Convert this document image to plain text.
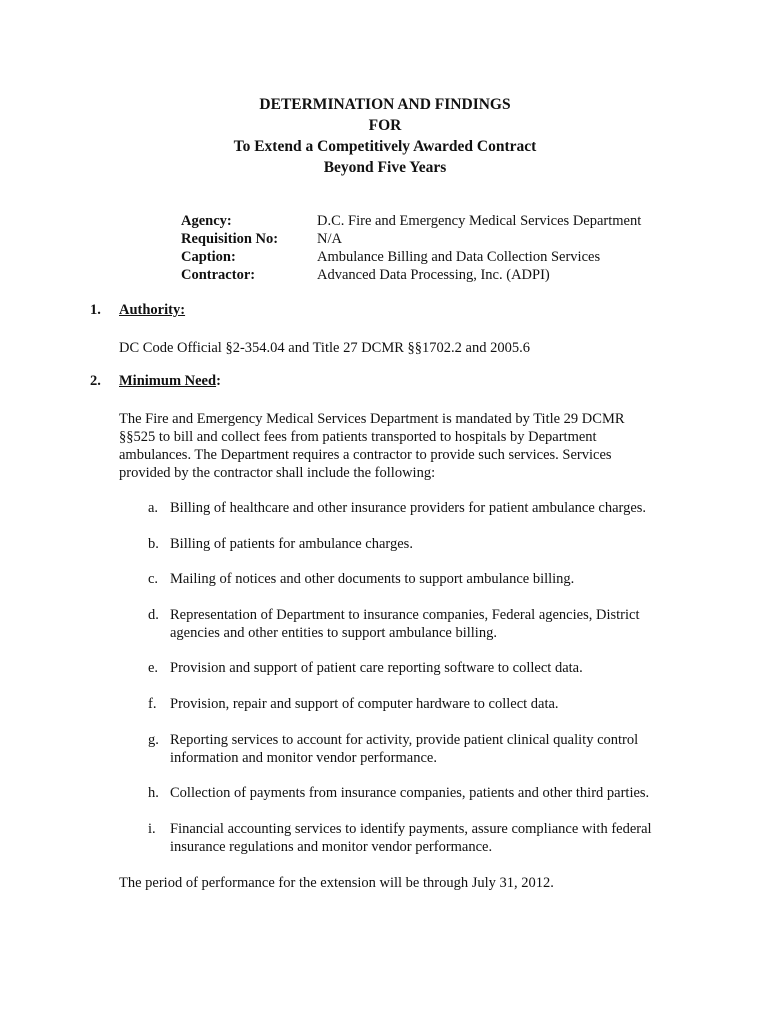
DETERMINATION AND FINDINGS
FOR
To Extend a Competitively Awarded Contract
Beyond Five Years
Agency:	D.C. Fire and Emergency Medical Services Department
Requisition No:	N/A
Caption:	Ambulance Billing and Data Collection Services
Contractor:	Advanced Data Processing, Inc. (ADPI)
1.	Authority:
DC Code Official §2-354.04 and Title 27 DCMR §§1702.2 and 2005.6
2.	Minimum Need :
The Fire and Emergency Medical Services Department is mandated by Title 29 DCMR §§525 to bill and collect fees from patients transported to hospitals by Department ambulances. The Department requires a contractor to provide such services. Services provided by the contractor shall include the following:
a. Billing of healthcare and other insurance providers for patient ambulance charges.
b. Billing of patients for ambulance charges.
c. Mailing of notices and other documents to support ambulance billing.
d. Representation of Department to insurance companies, Federal agencies, District agencies and other entities to support ambulance billing.
e. Provision and support of patient care reporting software to collect data.
f. Provision, repair and support of computer hardware to collect data.
g. Reporting services to account for activity, provide patient clinical quality control information and monitor vendor performance.
h. Collection of payments from insurance companies, patients and other third parties.
i. Financial accounting services to identify payments, assure compliance with federal insurance regulations and monitor vendor performance.
The period of performance for the extension will be through July 31, 2012.
